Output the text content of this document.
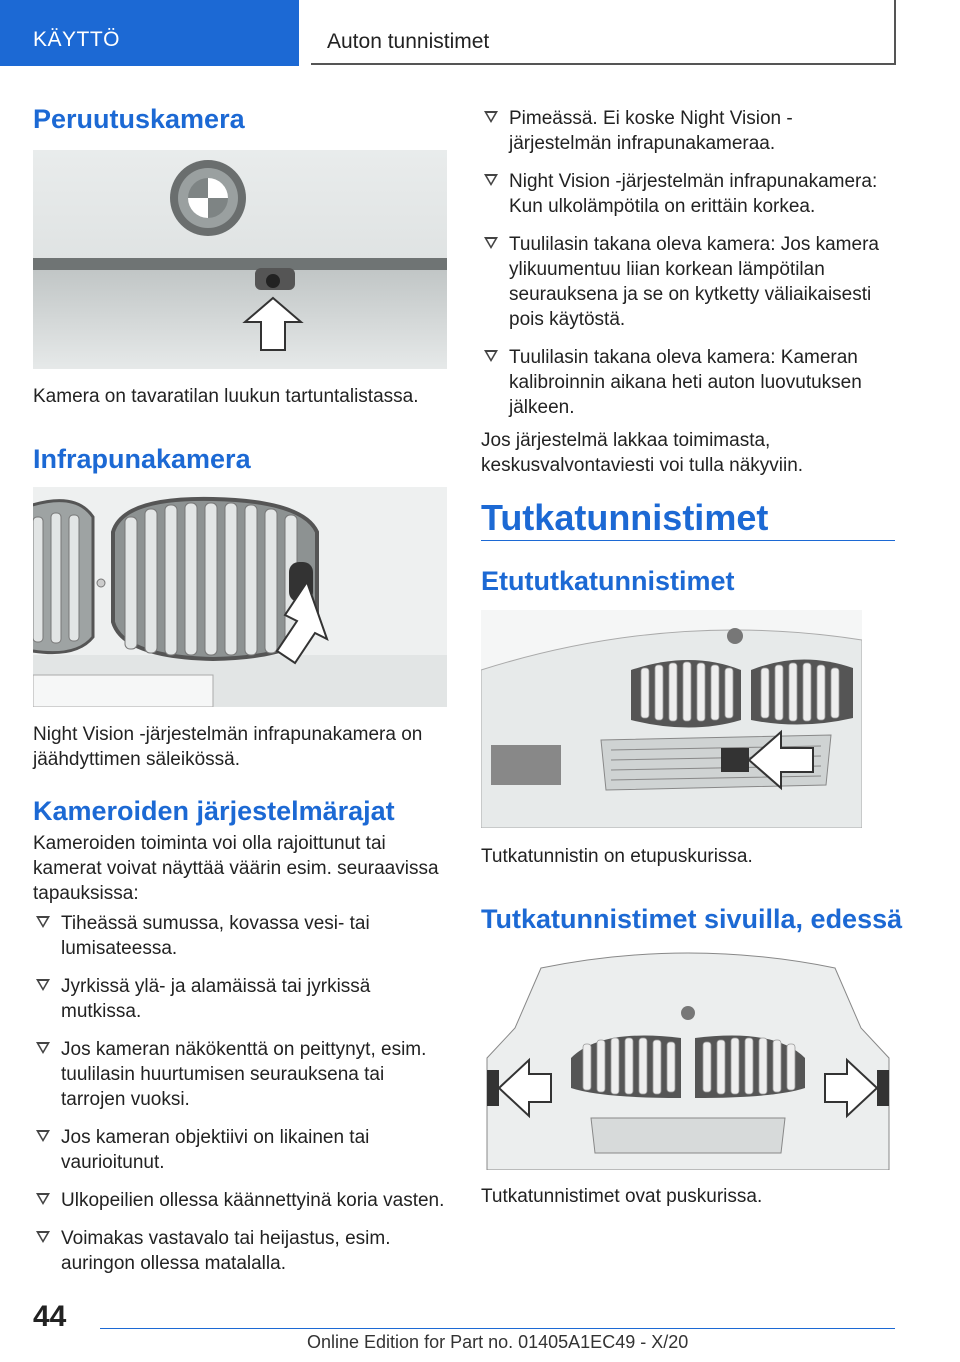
KÄYTTÖ	Auton tunnistimet
Peruutuskamera

Kamera on tavaratilan luukun tartuntalistassa.

Infrapunakamera

Night Vision -järjestelmän infrapunakamera on jäähdyttimen säleikössä.

Kameroiden järjestelmärajat

Kameroiden toiminta voi olla rajoittunut tai kamerat voivat näyttää väärin esim. seuraavissa tapauksissa:

Tiheässä sumussa, kovassa vesi- tai lumisateessa.
Jyrkissä ylä- ja alamäissä tai jyrkissä mutkissa.
Jos kameran näkökenttä on peittynyt, esim. tuulilasin huurtumisen seurauksena tai tarrojen vuoksi.
Jos kameran objektiivi on likainen tai vaurioitunut.
Ulkopeilien ollessa käännettyinä koria vasten.
Voimakas vastavalo tai heijastus, esim. auringon ollessa matalalla.
Pimeässä. Ei koske Night Vision -järjestelmän infrapunakameraa.
Night Vision -järjestelmän infrapunakamera: Kun ulkolämpötila on erittäin korkea.
Tuulilasin takana oleva kamera: Jos kamera ylikuumentuu liian korkean lämpötilan seurauksena ja se on kytketty väliaikaisesti pois käytöstä.
Tuulilasin takana oleva kamera: Kameran kalibroinnin aikana heti auton luovutuksen jälkeen.

Jos järjestelmä lakkaa toimimasta, keskusvalvontaviesti voi tulla näkyviin.

Tutkatunnistimet
Etututkatunnistimet

Tutkatunnistin on etupuskurissa.

Tutkatunnistimet sivuilla, edessä

Tutkatunnistimet ovat puskurissa.

44
Online Edition for Part no. 01405A1EC49 - X/20
